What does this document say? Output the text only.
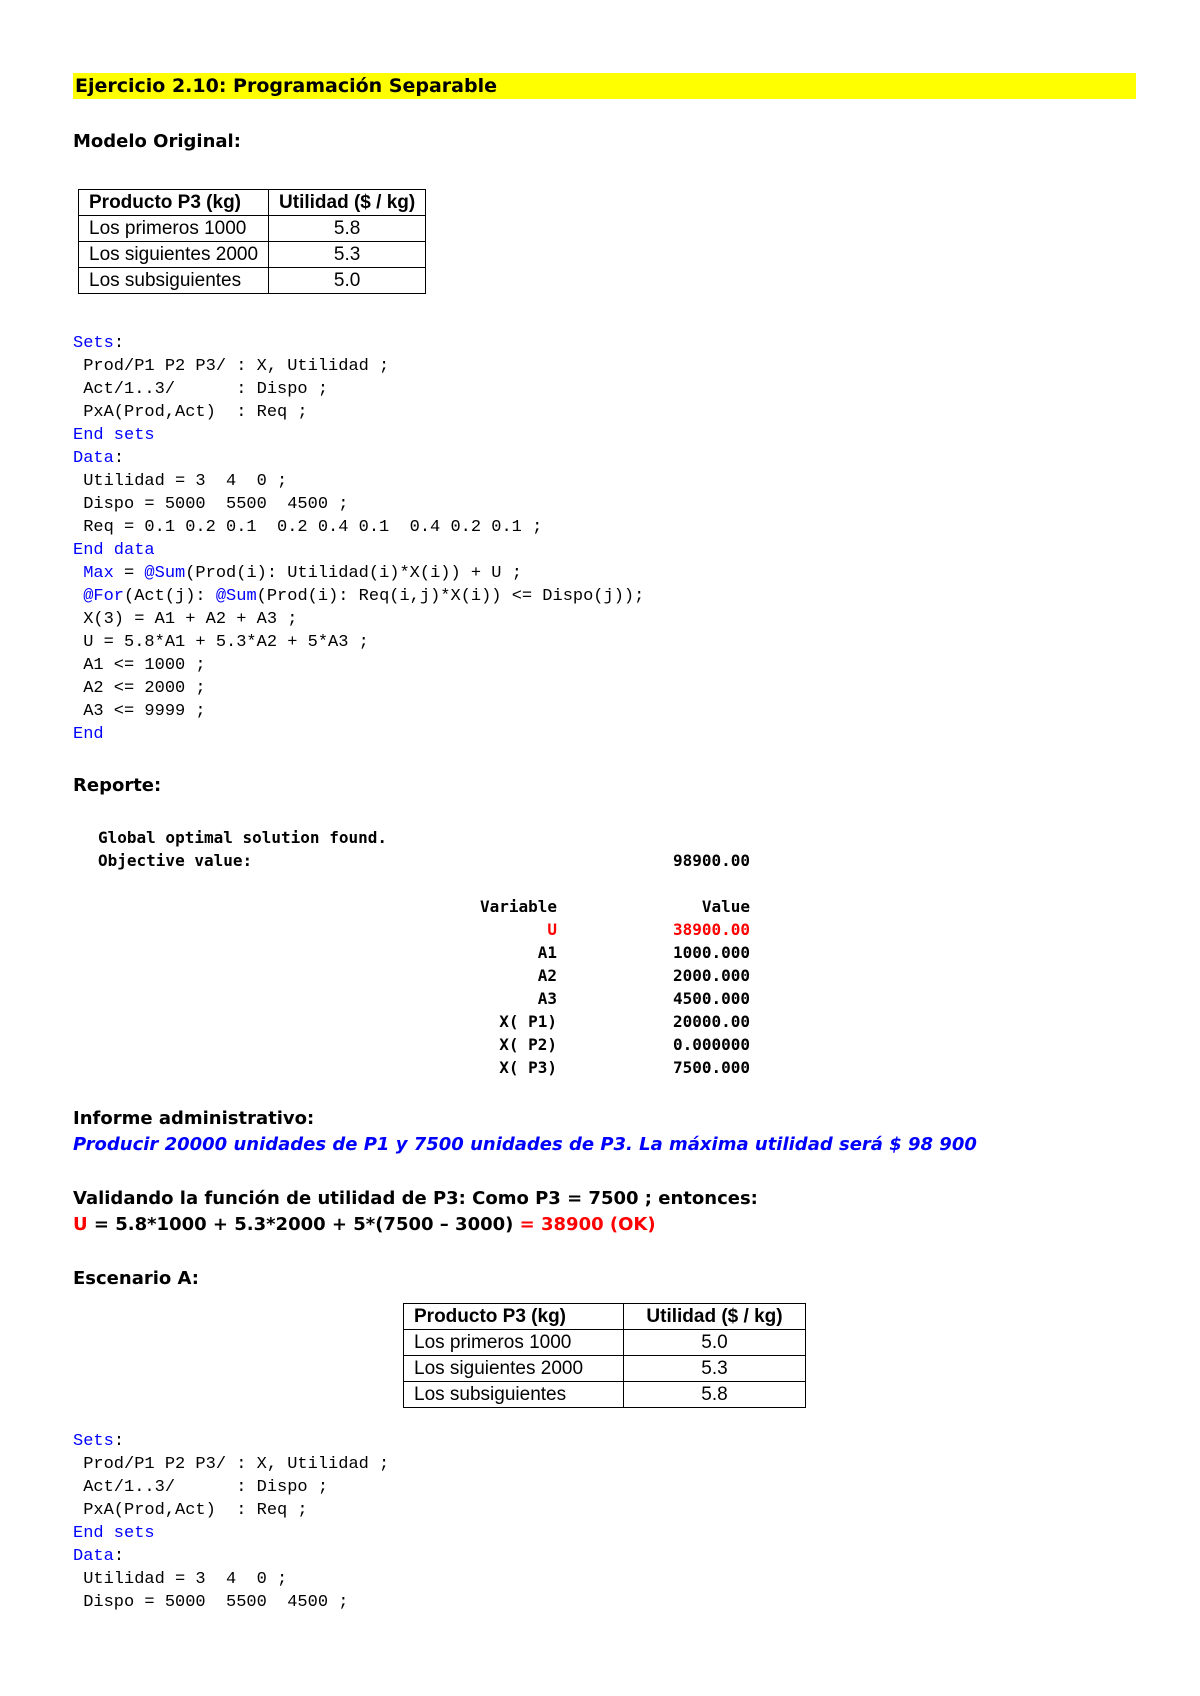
Ejercicio 2.10: Programación Separable
Modelo Original:
Producto P3 (kg)	Utilidad ($ / kg)
Los primeros 1000	5.8
Los siguientes 2000	5.3
Los subsiguientes	5.0
Sets:
Prod/P1 P2 P3/ : X, Utilidad ;
Act/1..3/      : Dispo ;
PxA(Prod,Act)  : Req ;
End sets
Data:
Utilidad = 3  4  0 ;
Dispo = 5000  5500  4500 ;
Req = 0.1 0.2 0.1  0.2 0.4 0.1  0.4 0.2 0.1 ;
End data
Max = @Sum(Prod(i): Utilidad(i)*X(i)) + U ;
@For(Act(j): @Sum(Prod(i): Req(i,j)*X(i)) <= Dispo(j));
X(3) = A1 + A2 + A3 ;
U = 5.8*A1 + 5.3*A2 + 5*A3 ;
A1 <= 1000 ;
A2 <= 2000 ;
A3 <= 9999 ;
End
Reporte:
Global optimal solution found.
Objective value:	98900.00
Variable	Value
U	38900.00
A1	1000.000
A2	2000.000
A3	4500.000
X( P1)	20000.00
X( P2)	0.000000
X( P3)	7500.000
Informe administrativo:
Producir 20000 unidades de P1 y 7500 unidades de P3. La máxima utilidad será $ 98 900
Validando la función de utilidad de P3: Como P3 = 7500 ; entonces:
U = 5.8*1000 + 5.3*2000 + 5*(7500 – 3000) = 38900 (OK)
Escenario A:
Producto P3 (kg)	Utilidad ($ / kg)
Los primeros 1000	5.0
Los siguientes 2000	5.3
Los subsiguientes	5.8
Sets:
Prod/P1 P2 P3/ : X, Utilidad ;
Act/1..3/      : Dispo ;
PxA(Prod,Act)  : Req ;
End sets
Data:
Utilidad = 3  4  0 ;
Dispo = 5000  5500  4500 ;
